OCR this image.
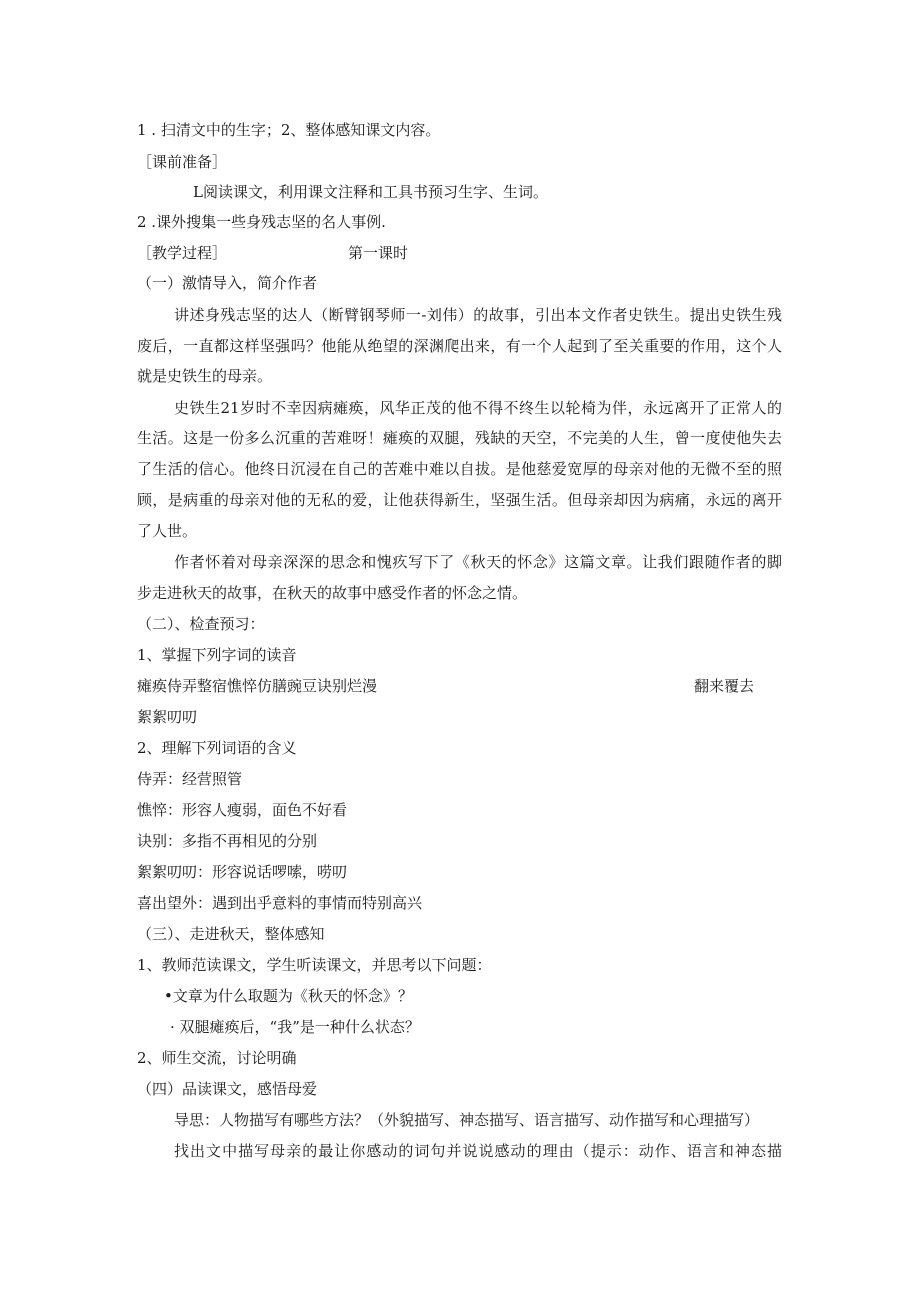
1 . 扫清文中的生字；2、整体感知课文内容。
［课前准备］
L阅读课文，利用课文注释和工具书预习生字、生词。
2 .课外搜集一些身残志坚的名人事例.
［教学过程］	第一课时
（一）激情导入，简介作者
讲述身残志坚的达人（断臂钢琴师一-刘伟）的故事，引出本文作者史铁生。提出史铁生残
废后，一直都这样坚强吗？他能从绝望的深渊爬出来，有一个人起到了至关重要的作用，这个人
就是史铁生的母亲。
史铁生21岁时不幸因病瘫痪，风华正茂的他不得不终生以轮椅为伴，永远离开了正常人的
生活。这是一份多么沉重的苦难呀！瘫痪的双腿，残缺的天空，不完美的人生，曾一度使他失去
了生活的信心。他终日沉浸在自己的苦难中难以自拔。是他慈爱宽厚的母亲对他的无微不至的照
顾，是病重的母亲对他的无私的爱，让他获得新生，坚强生活。但母亲却因为病痛，永远的离开
了人世。
作者怀着对母亲深深的思念和愧疚写下了《秋天的怀念》这篇文章。让我们跟随作者的脚
步走进秋天的故事，在秋天的故事中感受作者的怀念之情。
（二）、检查预习：
1、掌握下列字词的读音
瘫痪侍弄整宿憔悴仿膳豌豆诀别烂漫	翻来覆去
絮絮叨叨
2、理解下列词语的含义
侍弄：经营照管
憔悴：形容人瘦弱，面色不好看
诀别：多指不再相见的分别
絮絮叨叨：形容说话啰嗦，唠叨
喜出望外：遇到出乎意料的事情而特别高兴
（三）、走进秋天，整体感知
1、教师范读课文，学生听读课文，并思考以下问题：
•文章为什么取题为《秋天的怀念》？
· 双腿瘫痪后，“我”是一种什么状态？
2、师生交流，讨论明确
（四）品读课文，感悟母爱
导思：人物描写有哪些方法？（外貌描写、神态描写、语言描写、动作描写和心理描写）
找出文中描写母亲的最让你感动的词句并说说感动的理由（提示：动作、语言和神态描
